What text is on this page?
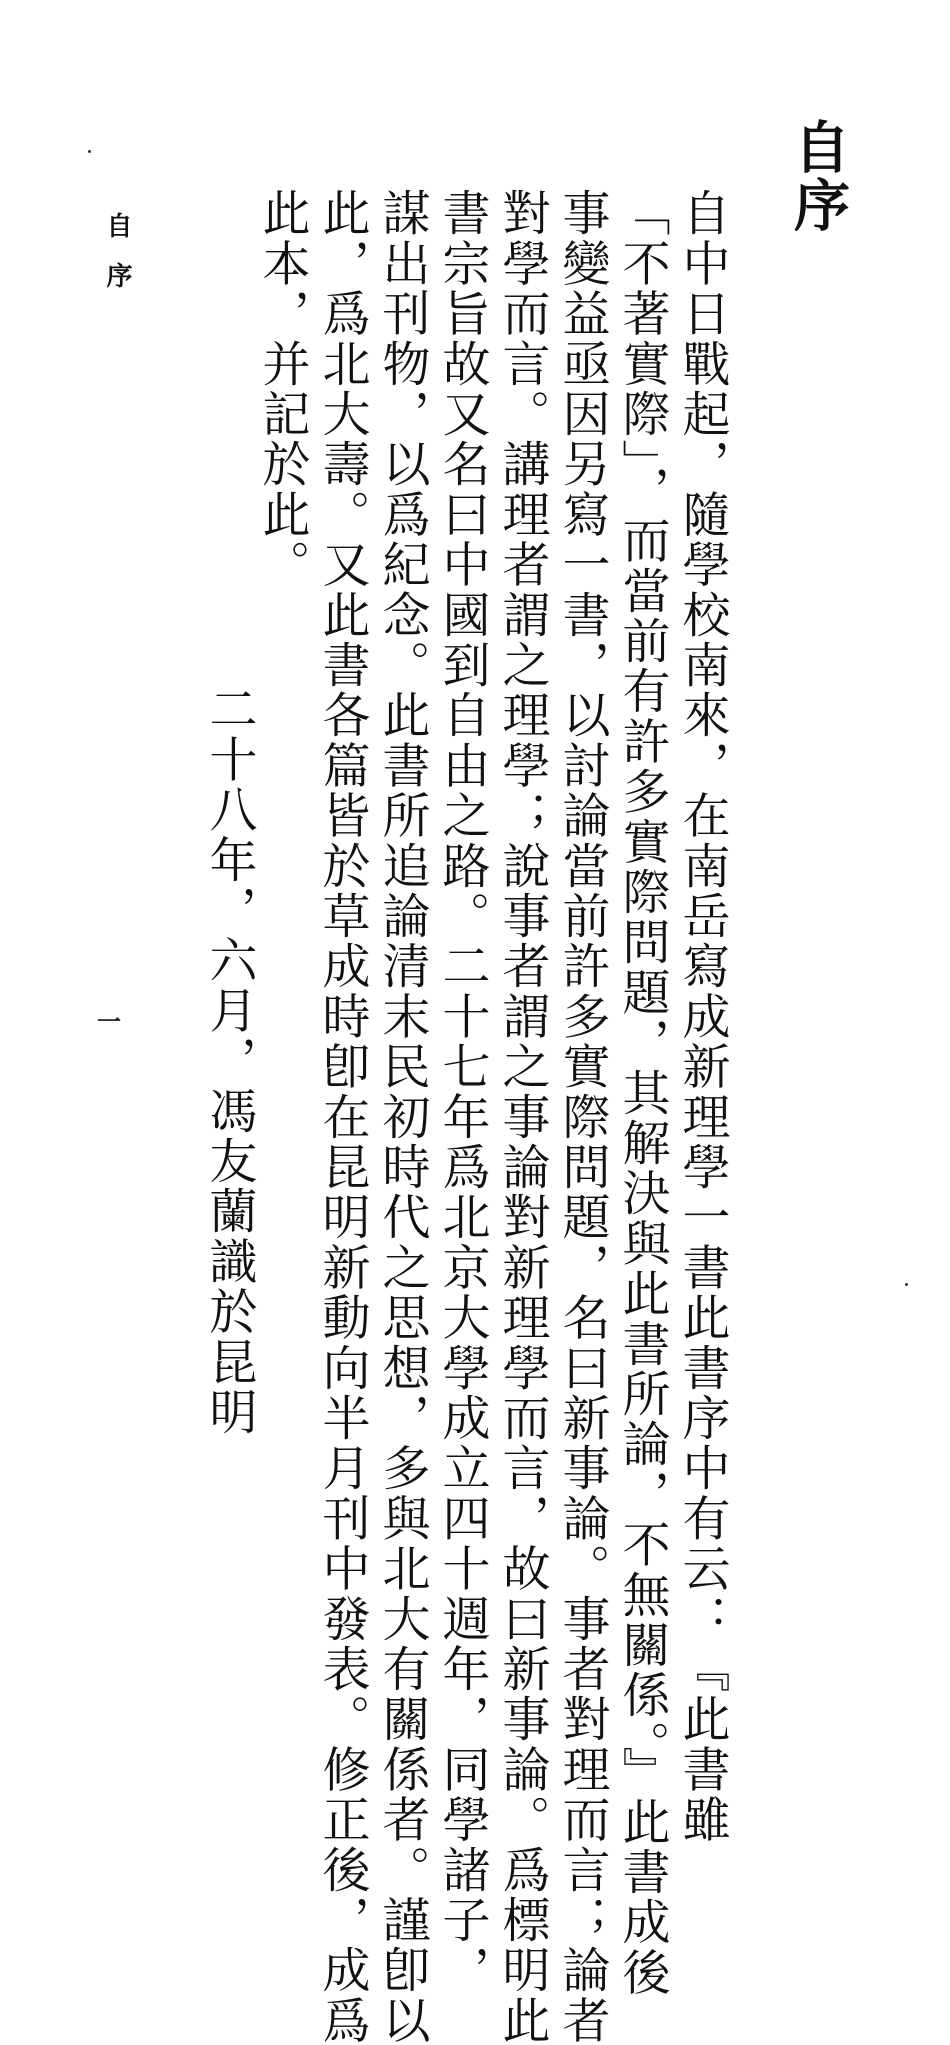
自序
自中日戰起，隨學校南來，在南岳寫成新理學一書此書序中有云：『此書雖
「不著實際」，而當前有許多實際問題，其解決與此書所論，不無關係。』此書成後
事變益亟因另寫一書，以討論當前許多實際問題，名曰新事論。事者對理而言；論者
對學而言。講理者謂之理學；說事者謂之事論對新理學而言，故曰新事論。爲標明此
書宗旨故又名曰中國到自由之路。二十七年爲北京大學成立四十週年，同學諸子，
謀出刊物，以爲紀念。此書所追論清末民初時代之思想，多與北大有關係者。謹卽以
此，爲北大壽。又此書各篇皆於草成時卽在昆明新動向半月刊中發表。修正後，成爲
此本，并記於此。
二十八年，六月，馮友蘭識於昆明
自
序
一
